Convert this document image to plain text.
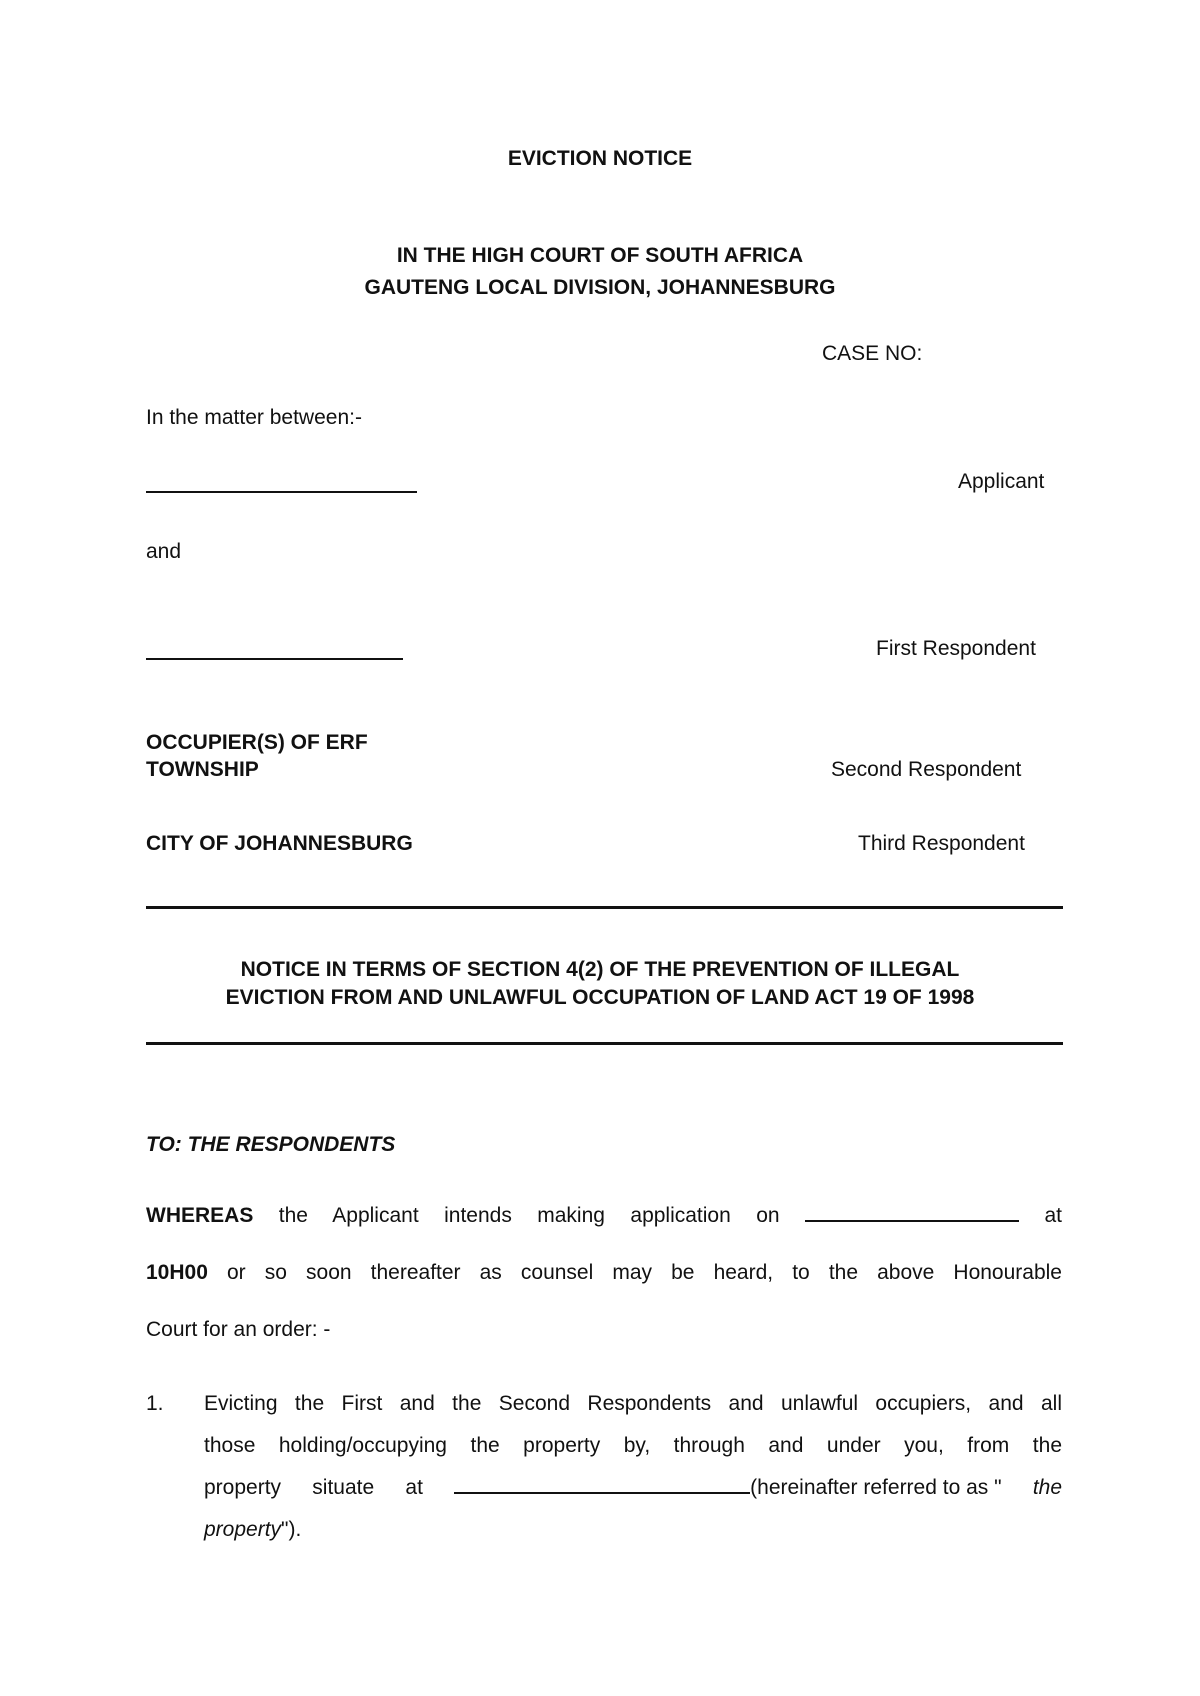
EVICTION NOTICE
IN THE HIGH COURT OF SOUTH AFRICA
GAUTENG LOCAL DIVISION, JOHANNESBURG
CASE NO:
In the matter between:-
Applicant
and
First Respondent
OCCUPIER(S) OF ERF
TOWNSHIP	Second Respondent
CITY OF JOHANNESBURG	Third Respondent
NOTICE IN TERMS OF SECTION 4(2) OF THE PREVENTION OF ILLEGAL
EVICTION FROM AND UNLAWFUL OCCUPATION OF LAND ACT 19 OF 1998
TO: THE RESPONDENTS
WHEREAS the Applicant intends making application on	at
10H00 or so soon thereafter as counsel may be heard, to the above Honourable
Court for an order: -
1. Evicting the First and the Second Respondents and unlawful occupiers, and all
those holding/occupying the property by, through and under you, from the
property situate at	(hereinafter referred to as " the
property").
